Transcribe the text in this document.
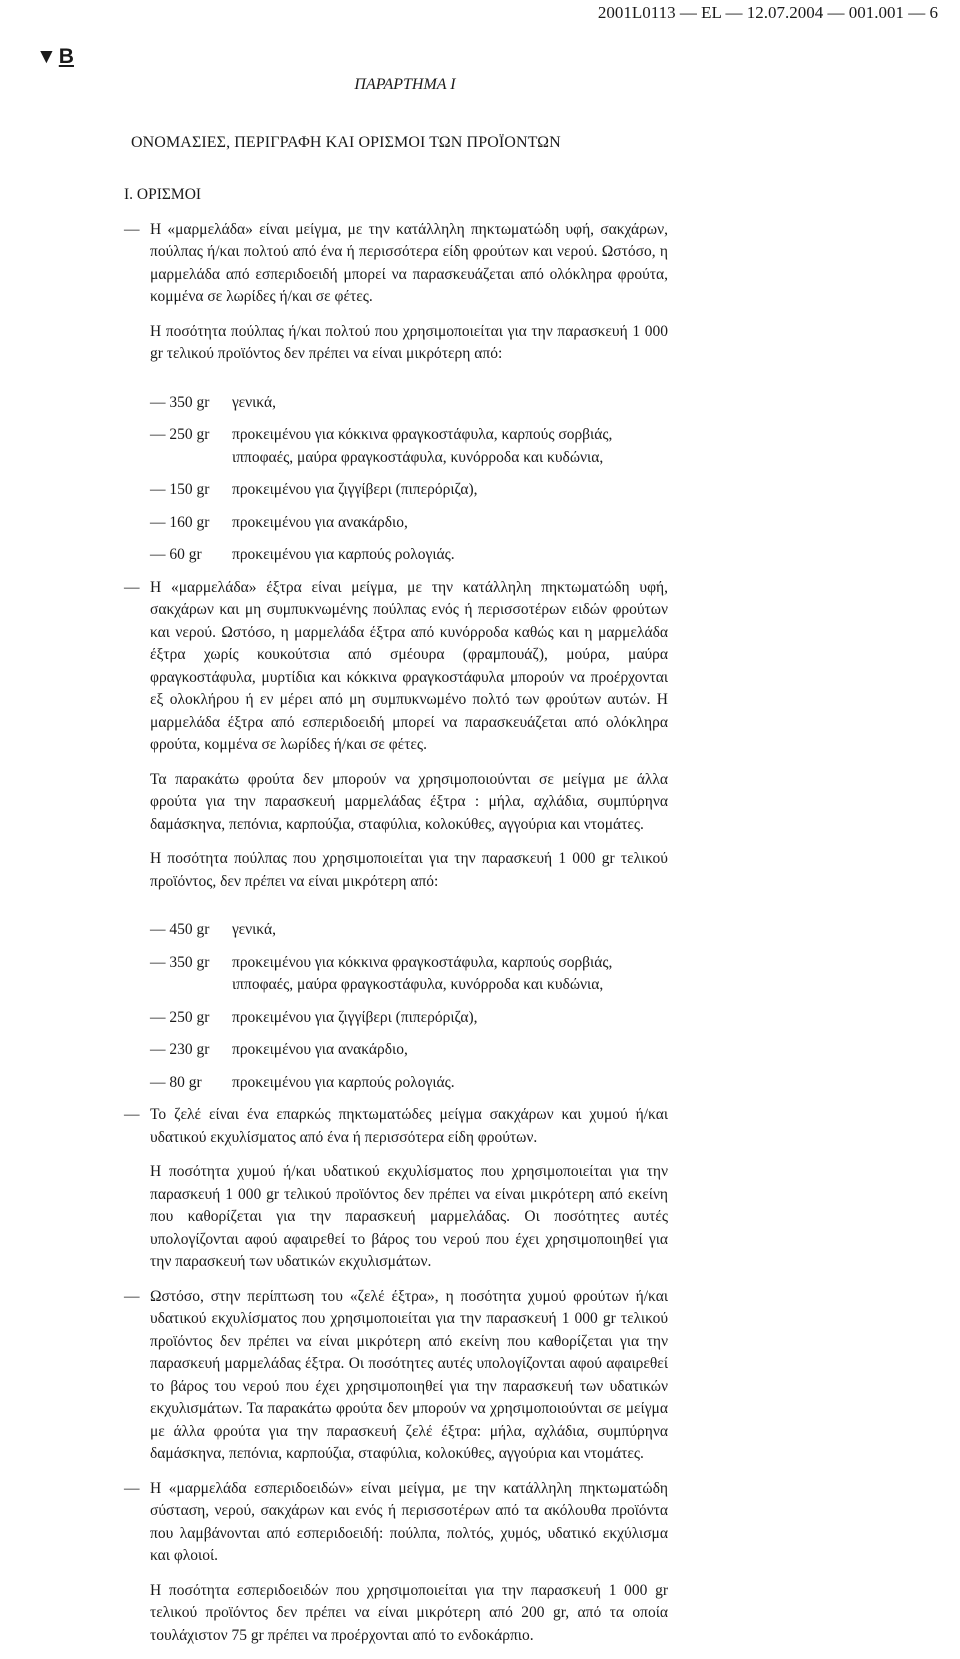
2001L0113 — EL — 12.07.2004 — 001.001 — 6
▼B
ΠΑΡΑΡΤΗΜΑ I
ΟΝΟΜΑΣΙΕΣ, ΠΕΡΙΓΡΑΦΗ ΚΑΙ ΟΡΙΣΜΟΙ ΤΩΝ ΠΡΟΪΟΝΤΩΝ

I. ΟΡΙΣΜΟΙ

— Η «μαρμελάδα» είναι μείγμα, με την κατάλληλη πηκτωματώδη υφή, σακχάρων, πούλπας ή/και πολτού από ένα ή περισσότερα είδη φρούτων και νερού. Ωστόσο, η μαρμελάδα από εσπεριδοειδή μπορεί να παρασκευάζεται από ολόκληρα φρούτα, κομμένα σε λωρίδες ή/και σε φέτες.

Η ποσότητα πούλπας ή/και πολτού που χρησιμοποιείται για την παρασκευή 1 000 gr τελικού προϊόντος δεν πρέπει να είναι μικρότερη από:

— 350 gr	γενικά,
— 250 gr	προκειμένου για κόκκινα φραγκοστάφυλα, καρπούς σορβιάς, ιπποφαές, μαύρα φραγκοστάφυλα, κυνόρροδα και κυδώνια,
— 150 gr	προκειμένου για ζιγγίβερι (πιπερόριζα),
— 160 gr	προκειμένου για ανακάρδιο,
— 60 gr	προκειμένου για καρπούς ρολογιάς.
— Η «μαρμελάδα» έξτρα είναι μείγμα, με την κατάλληλη πηκτωματώδη υφή, σακχάρων και μη συμπυκνωμένης πούλπας ενός ή περισσοτέρων ειδών φρούτων και νερού. Ωστόσο, η μαρμελάδα έξτρα από κυνόρροδα καθώς και η μαρμελάδα έξτρα χωρίς κουκούτσια από σμέουρα (φραμπουάζ), μούρα, μαύρα φραγκοστάφυλα, μυρτίδια και κόκκινα φραγκοστάφυλα μπορούν να προέρχονται εξ ολοκλήρου ή εν μέρει από μη συμπυκνωμένο πολτό των φρούτων αυτών. Η μαρμελάδα έξτρα από εσπεριδοειδή μπορεί να παρασκευάζεται από ολόκληρα φρούτα, κομμένα σε λωρίδες ή/και σε φέτες.

Τα παρακάτω φρούτα δεν μπορούν να χρησιμοποιούνται σε μείγμα με άλλα φρούτα για την παρασκευή μαρμελάδας έξτρα : μήλα, αχλάδια, συμπύρηνα δαμάσκηνα, πεπόνια, καρπούζια, σταφύλια, κολοκύθες, αγγούρια και ντομάτες.

Η ποσότητα πούλπας που χρησιμοποιείται για την παρασκευή 1 000 gr τελικού προϊόντος, δεν πρέπει να είναι μικρότερη από:

— 450 gr	γενικά,
— 350 gr	προκειμένου για κόκκινα φραγκοστάφυλα, καρπούς σορβιάς, ιπποφαές, μαύρα φραγκοστάφυλα, κυνόρροδα και κυδώνια,
— 250 gr	προκειμένου για ζιγγίβερι (πιπερόριζα),
— 230 gr	προκειμένου για ανακάρδιο,
— 80 gr	προκειμένου για καρπούς ρολογιάς.
— Το ζελέ είναι ένα επαρκώς πηκτωματώδες μείγμα σακχάρων και χυμού ή/και υδατικού εκχυλίσματος από ένα ή περισσότερα είδη φρούτων.

Η ποσότητα χυμού ή/και υδατικού εκχυλίσματος που χρησιμοποιείται για την παρασκευή 1 000 gr τελικού προϊόντος δεν πρέπει να είναι μικρότερη από εκείνη που καθορίζεται για την παρασκευή μαρμελάδας. Οι ποσότητες αυτές υπολογίζονται αφού αφαιρεθεί το βάρος του νερού που έχει χρησιμοποιηθεί για την παρασκευή των υδατικών εκχυλισμάτων.

— Ωστόσο, στην περίπτωση του «ζελέ έξτρα», η ποσότητα χυμού φρούτων ή/και υδατικού εκχυλίσματος που χρησιμοποιείται για την παρασκευή 1 000 gr τελικού προϊόντος δεν πρέπει να είναι μικρότερη από εκείνη που καθορίζεται για την παρασκευή μαρμελάδας έξτρα. Οι ποσότητες αυτές υπολογίζονται αφού αφαιρεθεί το βάρος του νερού που έχει χρησιμοποιηθεί για την παρασκευή των υδατικών εκχυλισμάτων. Τα παρακάτω φρούτα δεν μπορούν να χρησιμοποιούνται σε μείγμα με άλλα φρούτα για την παρασκευή ζελέ έξτρα: μήλα, αχλάδια, συμπύρηνα δαμάσκηνα, πεπόνια, καρπούζια, σταφύλια, κολοκύθες, αγγούρια και ντομάτες.

— Η «μαρμελάδα εσπεριδοειδών» είναι μείγμα, με την κατάλληλη πηκτωματώδη σύσταση, νερού, σακχάρων και ενός ή περισσοτέρων από τα ακόλουθα προϊόντα που λαμβάνονται από εσπεριδοειδή: πούλπα, πολτός, χυμός, υδατικό εκχύλισμα και φλοιοί.

Η ποσότητα εσπεριδοειδών που χρησιμοποιείται για την παρασκευή 1 000 gr τελικού προϊόντος δεν πρέπει να είναι μικρότερη από 200 gr, από τα οποία τουλάχιστον 75 gr πρέπει να προέρχονται από το ενδοκάρπιο.
